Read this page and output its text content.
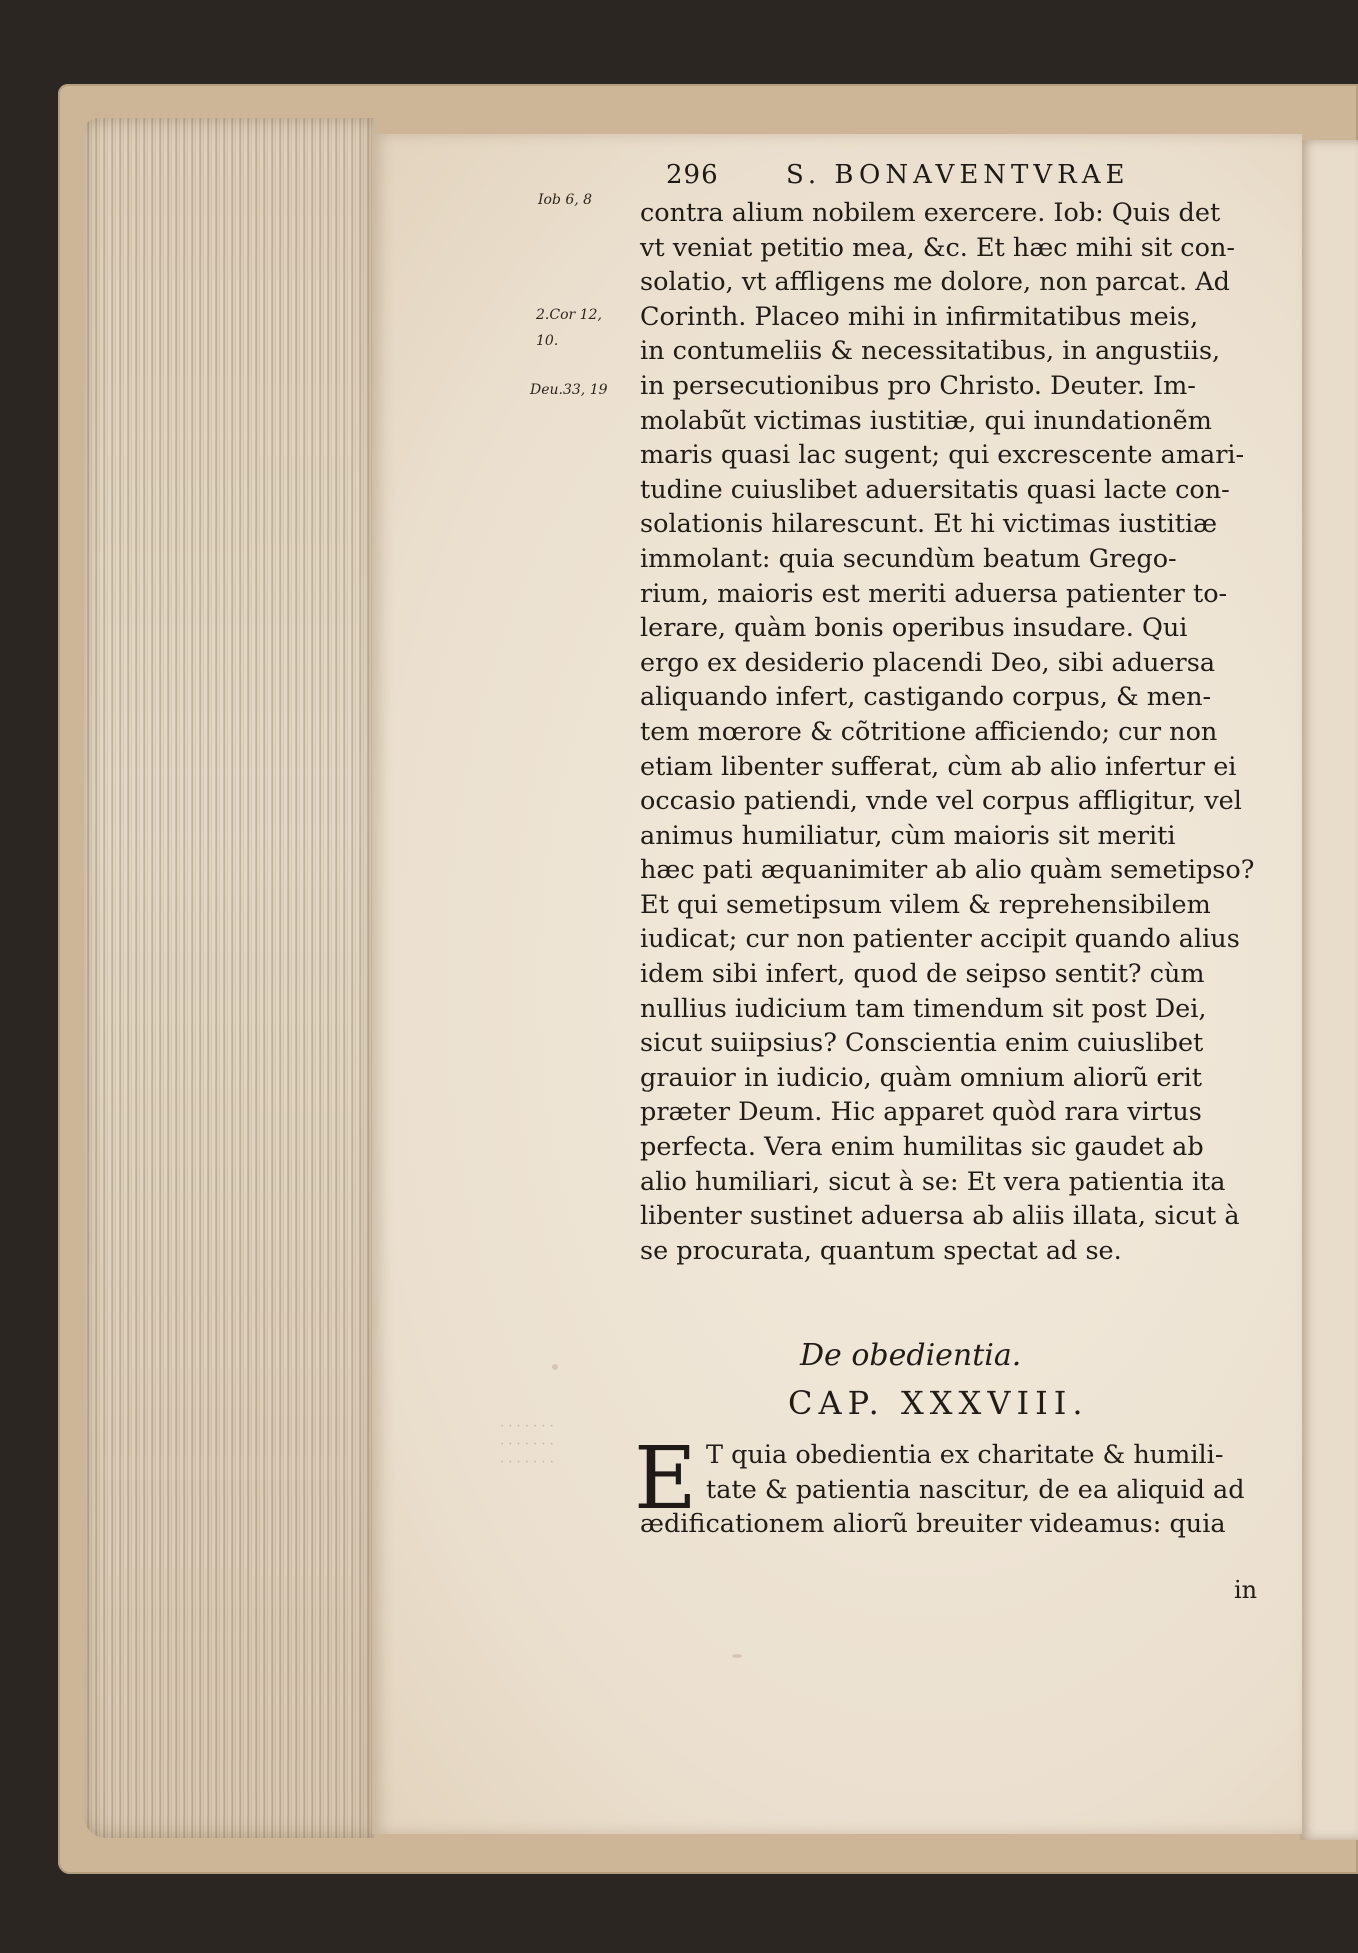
· · · · · · ·
· · · · · · ·
· · · · · · ·
296	S. BONAVENTVRAE
Iob 6, 8
2.Cor 12, 10.
Deu.33, 19
contra alium nobilem exercere. Iob: Quis det
vt veniat petitio mea, &c. Et hæc mihi sit con-
solatio, vt affligens me dolore, non parcat. Ad
Corinth. Placeo mihi in infirmitatibus meis,
in contumeliis & necessitatibus, in angustiis,
in persecutionibus pro Christo. Deuter. Im-
molabũt victimas iustitiæ, qui inundationẽm
maris quasi lac sugent; qui excrescente amari-
tudine cuiuslibet aduersitatis quasi lacte con-
solationis hilarescunt. Et hi victimas iustitiæ
immolant: quia secundùm beatum Grego-
rium, maioris est meriti aduersa patienter to-
lerare, quàm bonis operibus insudare. Qui
ergo ex desiderio placendi Deo, sibi aduersa
aliquando infert, castigando corpus, & men-
tem mœrore & cõtritione afficiendo; cur non
etiam libenter sufferat, cùm ab alio infertur ei
occasio patiendi, vnde vel corpus affligitur, vel
animus humiliatur, cùm maioris sit meriti
hæc pati æquanimiter ab alio quàm semetipso?
Et qui semetipsum vilem & reprehensibilem
iudicat; cur non patienter accipit quando alius
idem sibi infert, quod de seipso sentit? cùm
nullius iudicium tam timendum sit post Dei,
sicut suiipsius? Conscientia enim cuiuslibet
grauior in iudicio, quàm omnium aliorũ erit
præter Deum. Hic apparet quòd rara virtus
perfecta. Vera enim humilitas sic gaudet ab
alio humiliari, sicut à se: Et vera patientia ita
libenter sustinet aduersa ab aliis illata, sicut à
se procurata, quantum spectat ad se.
De obedientia.
CAP. XXXVIII.
E T quia obedientia ex charitate & humili-
tate & patientia nascitur, de ea aliquid ad
ædificationem aliorũ breuiter videamus: quia
in
